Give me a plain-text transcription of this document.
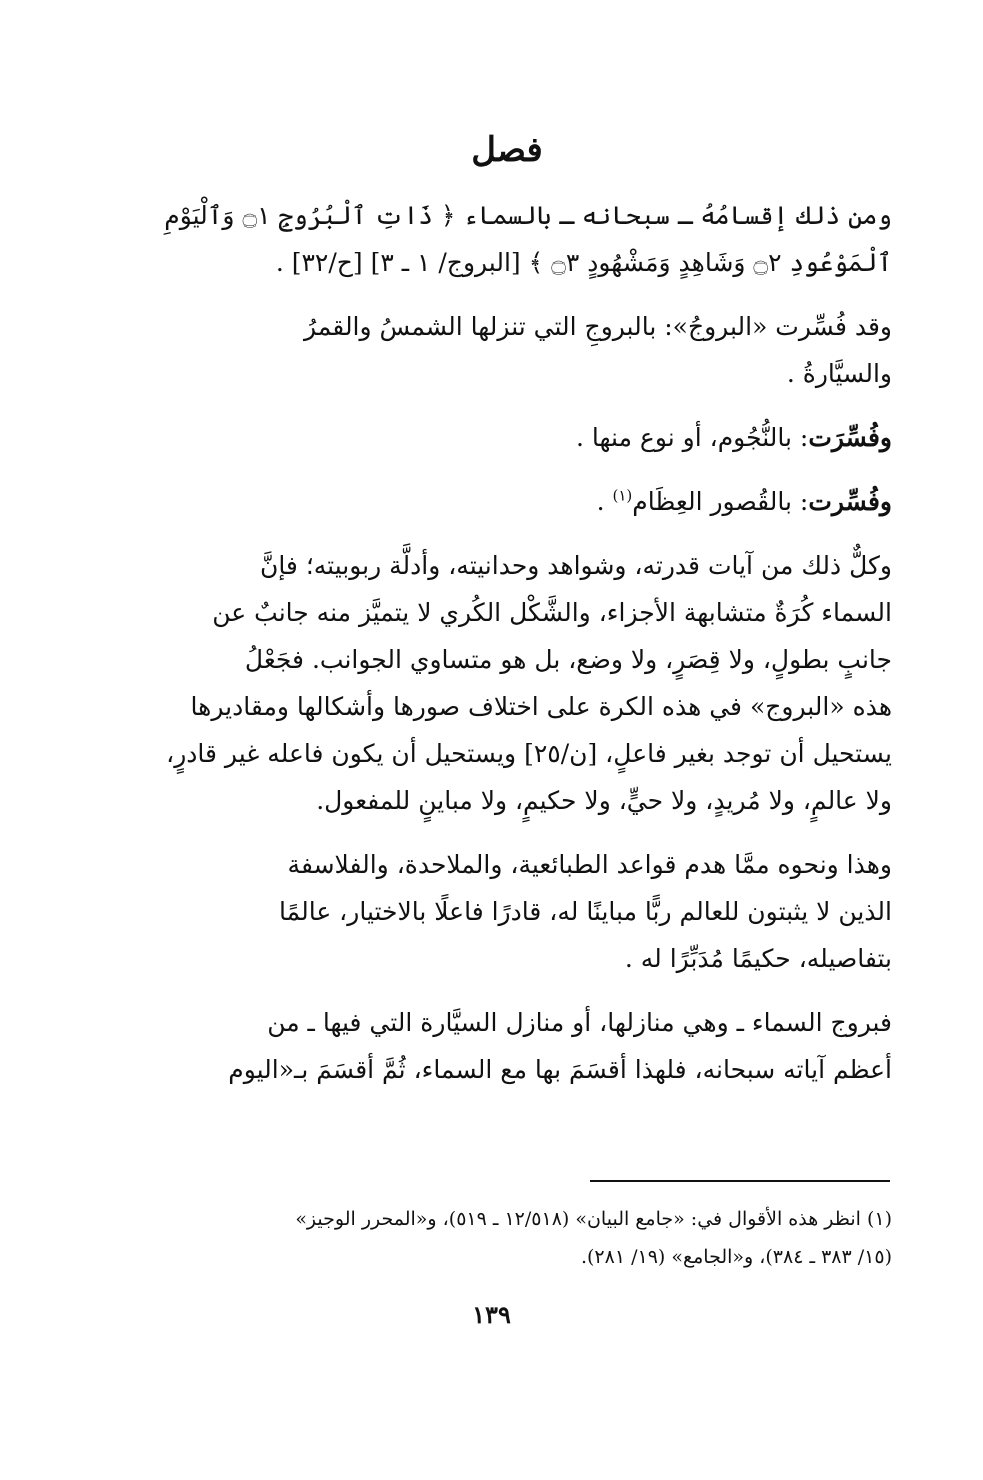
فصل
ومن ذلك إقسامُهُ ـ سبحانه ـ بالسماء ﴿ ذَاتِ ٱلْبُرُوجِ ۝١ وَٱلْيَوْمِ
ٱلْمَوْعُودِ ۝٢ وَشَاهِدٍ وَمَشْهُودٍ ۝٣ ﴾ [البروج/ ١ ـ ٣] [ح/٣٢] .
وقد فُسِّرت «البروجُ»: بالبروجِ التي تنزلها الشمسُ والقمرُ
والسيَّارةُ .
وفُسِّرَت: بالنُّجُوم، أو نوع منها .
وفُسِّرت: بالقُصور العِظَام$^{(١)}$ .
وكلٌّ ذلك من آيات قدرته، وشواهد وحدانيته، وأدلَّة ربوبيته؛ فإنَّ
السماء كُرَةٌ متشابهة الأجزاء، والشَّكْل الكُري لا يتميَّز منه جانبٌ عن
جانبٍ بطولٍ، ولا قِصَرٍ، ولا وضع، بل هو متساوي الجوانب. فجَعْلُ
هذه «البروج» في هذه الكرة على اختلاف صورها وأشكالها ومقاديرها
يستحيل أن توجد بغير فاعلٍ، [ن/٢٥] ويستحيل أن يكون فاعله غير قادرٍ،
ولا عالمٍ، ولا مُريدٍ، ولا حيٍّ، ولا حكيمٍ، ولا مباينٍ للمفعول.
وهذا ونحوه ممَّا هدم قواعد الطبائعية، والملاحدة، والفلاسفة
الذين لا يثبتون للعالم ربًّا مباينًا له، قادرًا فاعلًا بالاختيار، عالمًا
بتفاصيله، حكيمًا مُدَبِّرًا له .
فبروج السماء ـ وهي منازلها، أو منازل السيَّارة التي فيها ـ من
أعظم آياته سبحانه، فلهذا أقسَمَ بها مع السماء، ثُمَّ أقسَمَ بـ«اليوم
(١) انظر هذه الأقوال في: «جامع البيان» (١٢/٥١٨ ـ ٥١٩)، و«المحرر الوجيز»
(١٥/ ٣٨٣ ـ ٣٨٤)، و«الجامع» (١٩/ ٢٨١).
١٣٩
